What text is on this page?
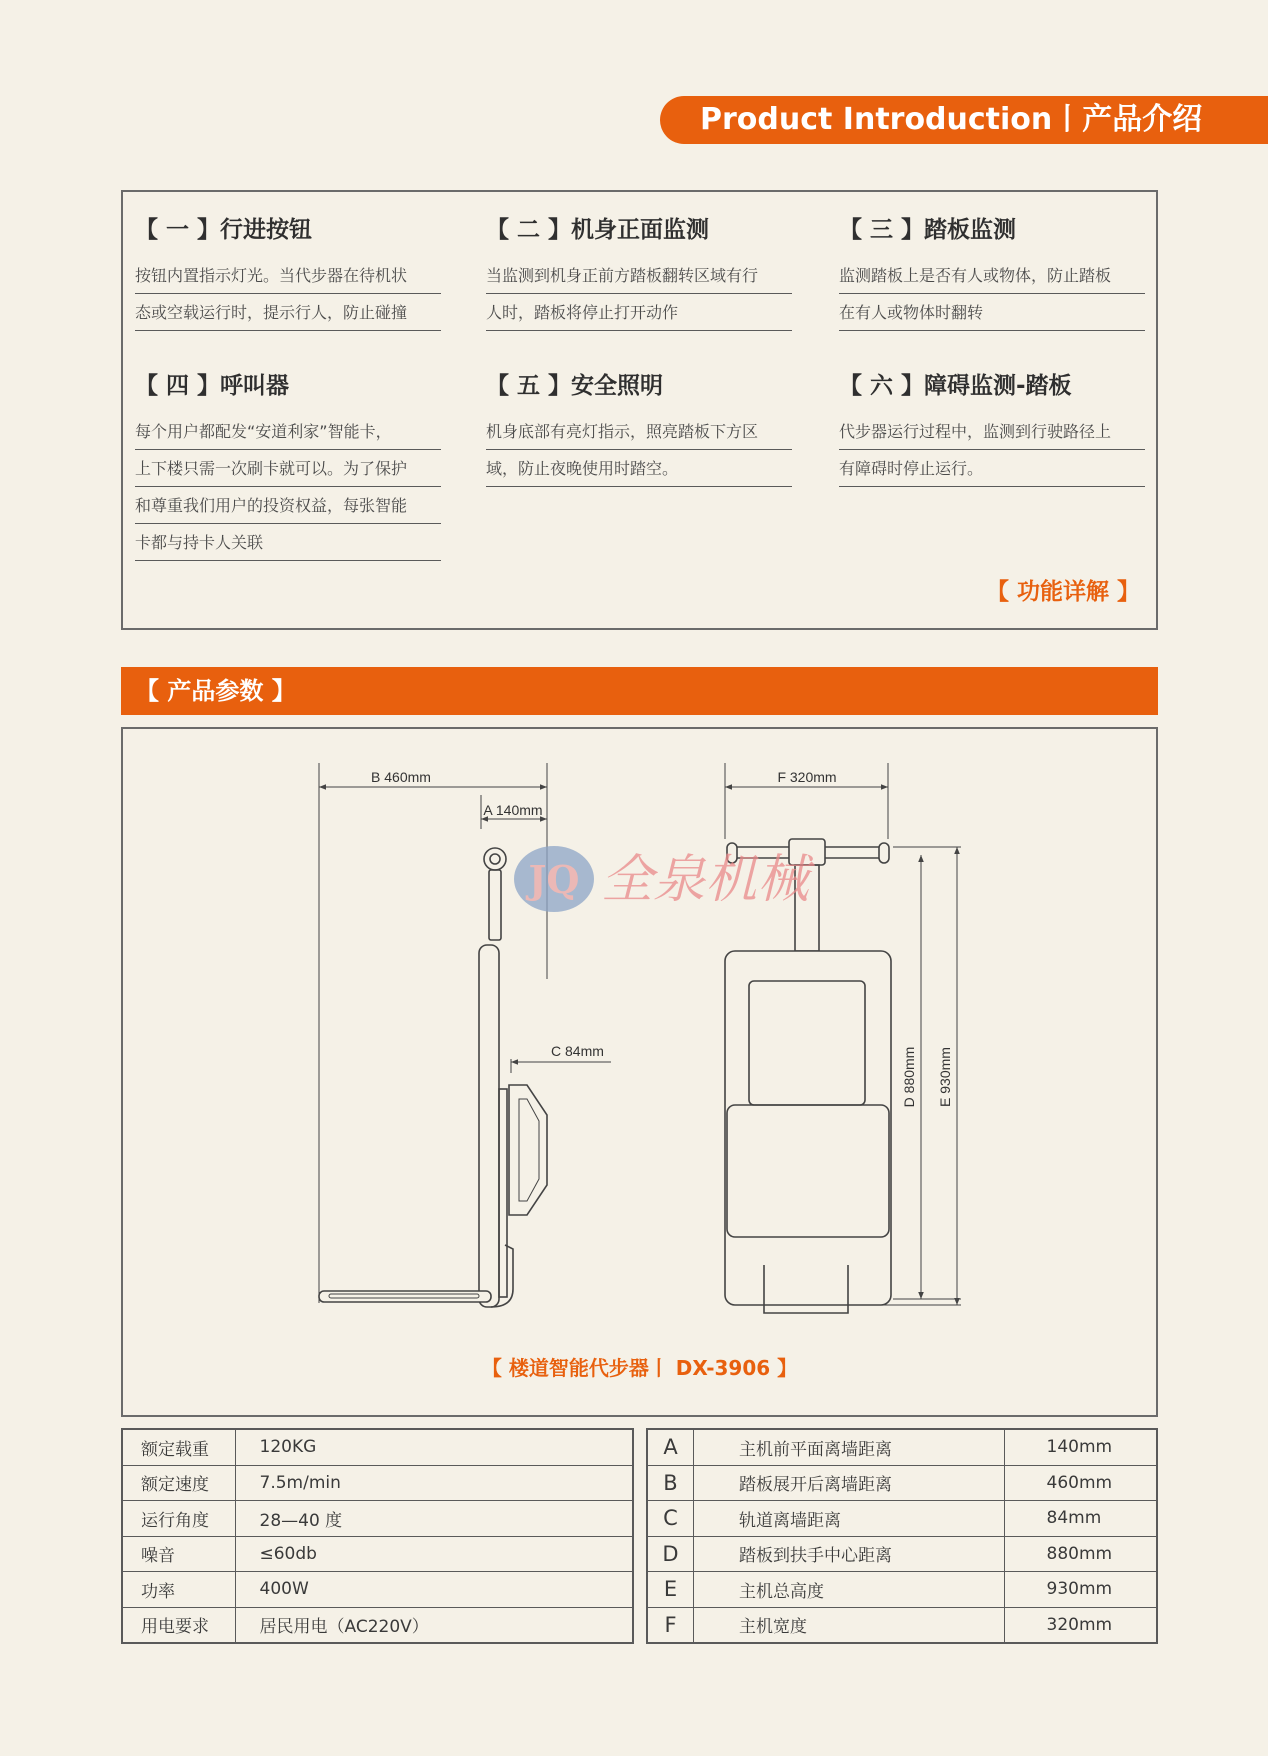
Product Introduction丨产品介绍
【 一 】行进按钮
按钮内置指示灯光。当代步器在待机状
态或空载运行时，提示行人，防止碰撞
【 二 】机身正面监测
当监测到机身正前方踏板翻转区域有行
人时，踏板将停止打开动作
【 三 】踏板监测
监测踏板上是否有人或物体，防止踏板
在有人或物体时翻转
【 四 】呼叫器
每个用户都配发“安道利家”智能卡，
上下楼只需一次刷卡就可以。为了保护
和尊重我们用户的投资权益，每张智能
卡都与持卡人关联
【 五 】安全照明
机身底部有亮灯指示，照亮踏板下方区
域，防止夜晚使用时踏空。
【 六 】障碍监测-踏板
代步器运行过程中，监测到行驶路径上
有障碍时停止运行。
【 功能详解 】
【 产品参数 】
JQ 全泉机械
B 460mm
A 140mm
C 84mm
F 320mm
D 880mm E 930mm
【 楼道智能代步器丨 DX-3906 】
额定载重	120KG
额定速度	7.5m/min
运行角度	28—40 度
噪音	≤60db
功率	400W
用电要求	居民用电（AC220V）
A	主机前平面离墙距离	140mm
B	踏板展开后离墙距离	460mm
C	轨道离墙距离	84mm
D	踏板到扶手中心距离	880mm
E	主机总高度	930mm
F	主机宽度	320mm
